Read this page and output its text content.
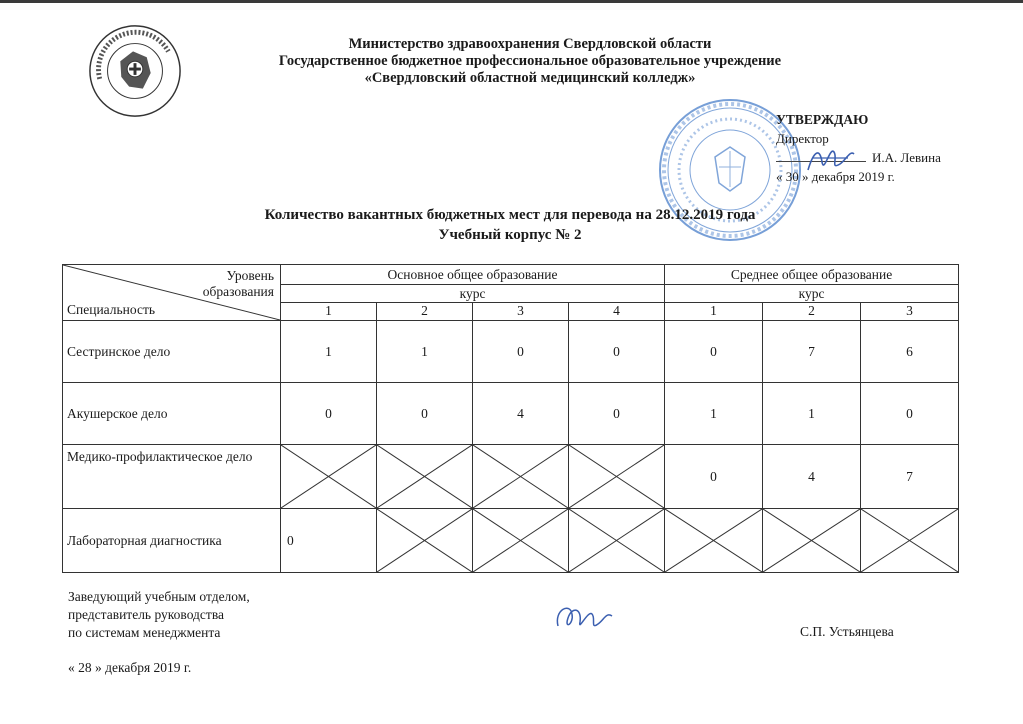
Министерство здравоохранения Свердловской области
Государственное бюджетное профессиональное образовательное учреждение
«Свердловский областной медицинский колледж»
УТВЕРЖДАЮ
Директор
И.А. Левина
« 30 » декабря 2019 г.
Количество вакантных бюджетных мест для перевода на 28.12.2019 года
Учебный корпус № 2
Уровень
образования
Специальность	Основное общее образование				Среднее общее образование		
	курс				курс		
	1	2	3	4	1	2	3
Сестринское дело	1	1	0	0	0	7	6
Акушерское дело	0	0	4	0	1	1	0
Медико-профилактическое дело					0	4	7
Лабораторная диагностика	0	

Заведующий учебным отделом,
представитель руководства
по системам менеджмента	С.П. Устьянцева
« 28 » декабря 2019 г.
